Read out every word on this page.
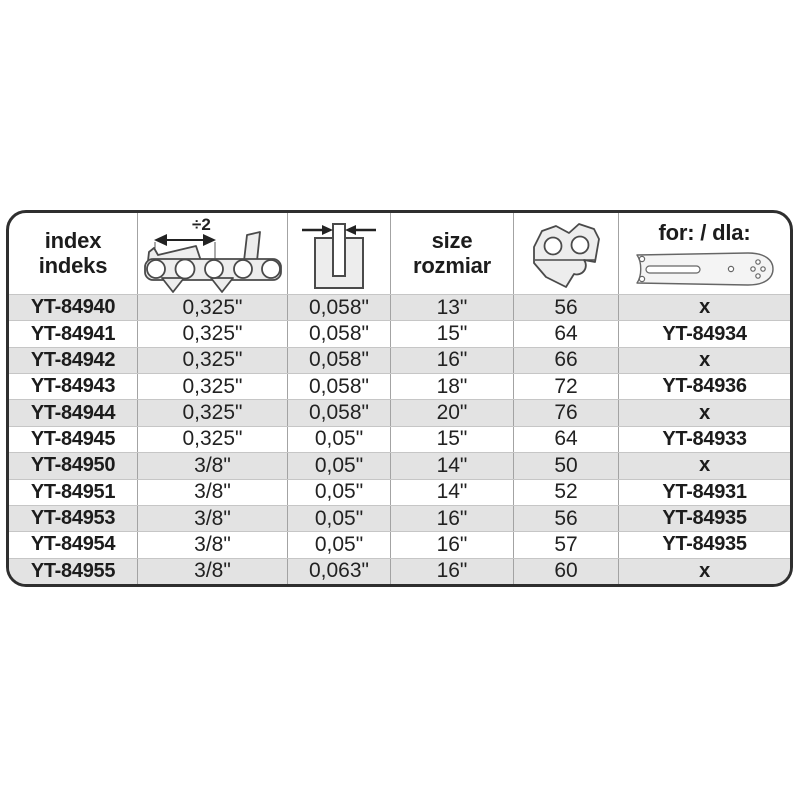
index
indeks
÷2
size
rozmiar
for: / dla:
YT-84940	0,325"	0,058"	13"	56	x
YT-84941	0,325"	0,058"	15"	64	YT-84934
YT-84942	0,325"	0,058"	16"	66	x
YT-84943	0,325"	0,058"	18"	72	YT-84936
YT-84944	0,325"	0,058"	20"	76	x
YT-84945	0,325"	0,05"	15"	64	YT-84933
YT-84950	3/8"	0,05"	14"	50	x
YT-84951	3/8"	0,05"	14"	52	YT-84931
YT-84953	3/8"	0,05"	16"	56	YT-84935
YT-84954	3/8"	0,05"	16"	57	YT-84935
YT-84955	3/8"	0,063"	16"	60	x
